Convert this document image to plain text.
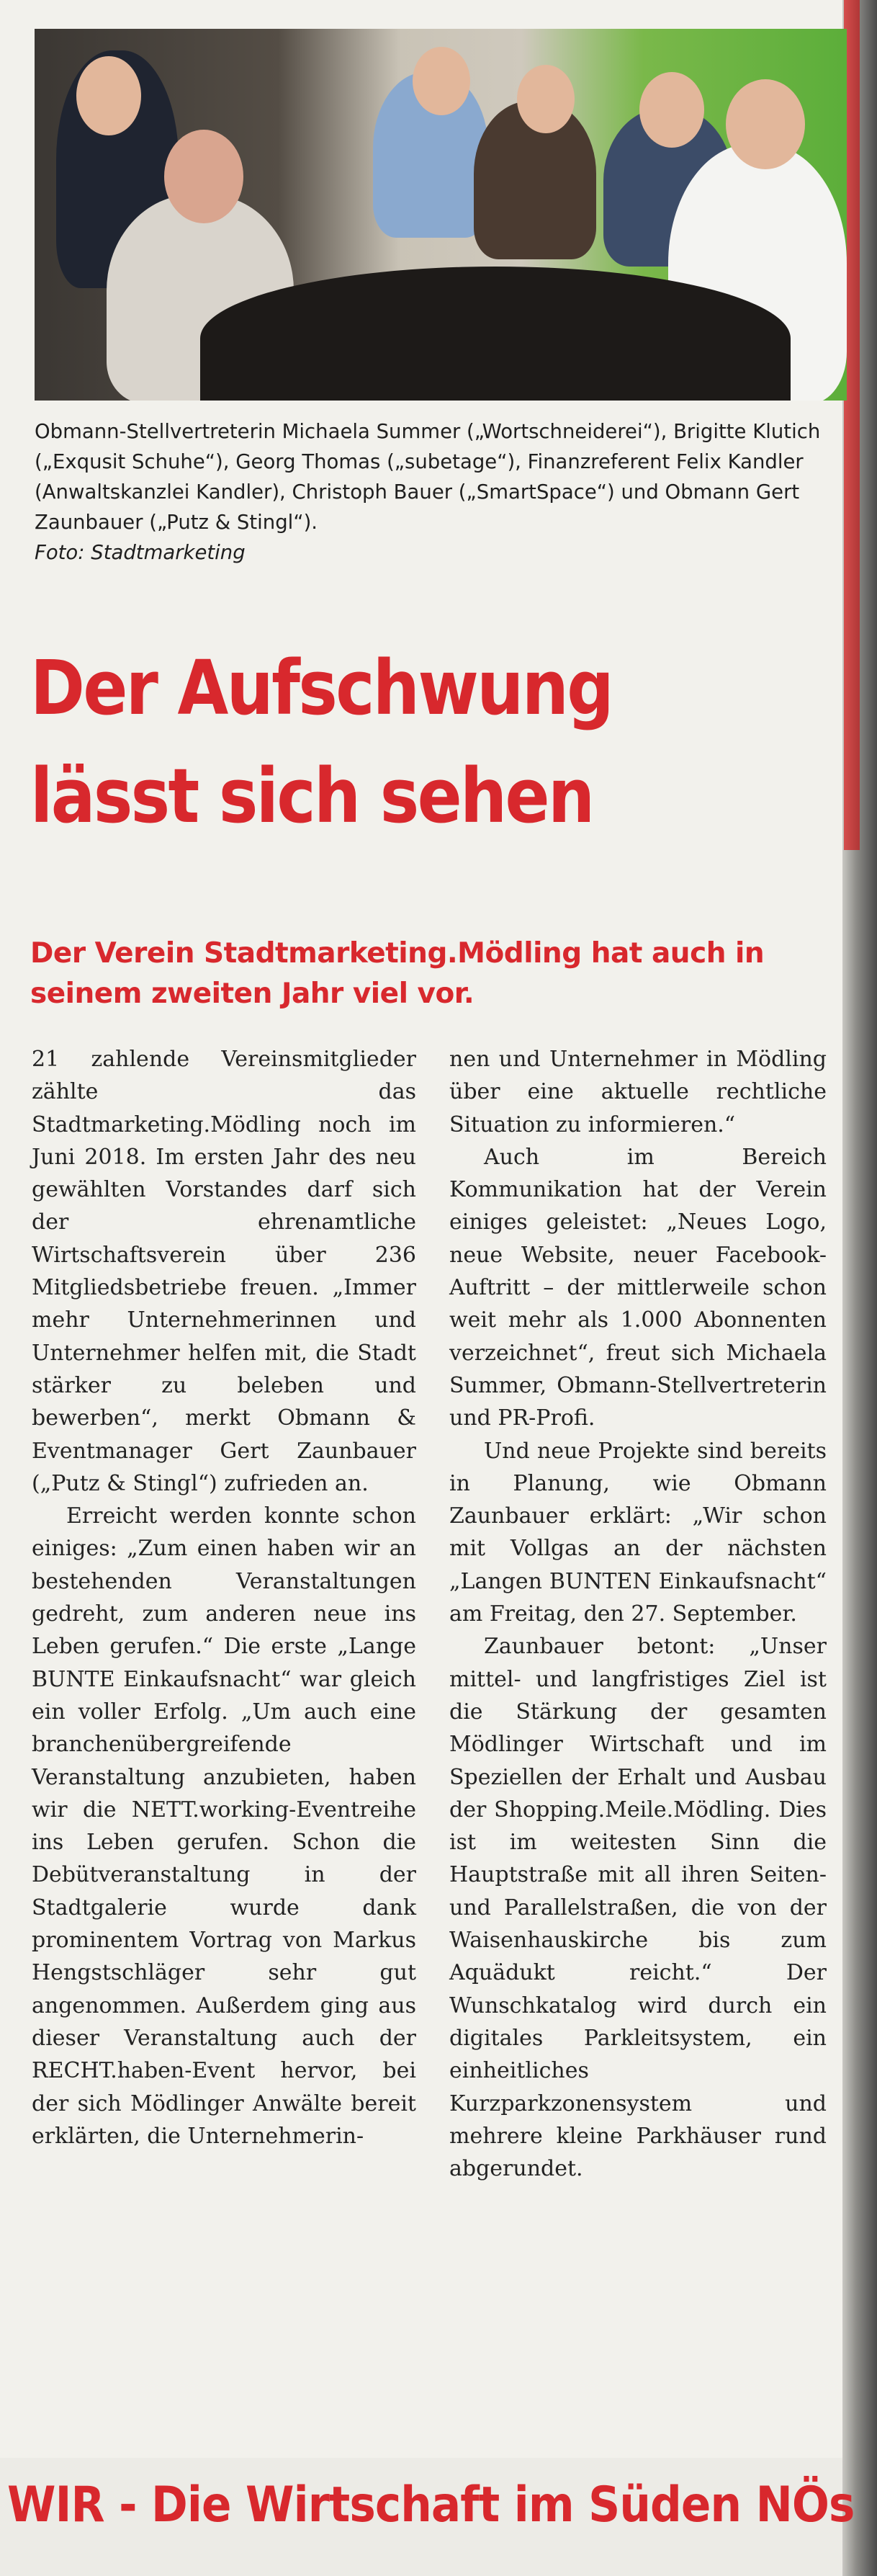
Obmann-Stellvertreterin Michaela Summer („Wortschneiderei“), Brigitte Klutich („Exqusit Schuhe“), Georg Thomas („subetage“), Finanzreferent Felix Kandler (Anwaltskanzlei Kandler), Christoph Bauer („SmartSpace“) und Obmann Gert Zaunbauer („Putz & Stingl“).
Foto: Stadtmarketing
Der Aufschwung lässt sich sehen
Der Verein Stadtmarketing.Mödling hat auch in seinem zweiten Jahr viel vor.

21 zahlende Vereinsmitglieder zählte das Stadtmarketing.Mödling noch im Juni 2018. Im ersten Jahr des neu gewählten Vorstandes darf sich der ehrenamtliche Wirtschaftsverein über 236 Mitgliedsbetriebe freuen. „Immer mehr Unternehmerinnen und Unternehmer helfen mit, die Stadt stärker zu beleben und bewerben“, merkt Obmann & Eventmanager Gert Zaunbauer („Putz & Stingl“) zufrieden an.

Erreicht werden konnte schon einiges: „Zum einen haben wir an bestehenden Veranstaltungen gedreht, zum anderen neue ins Leben gerufen.“ Die erste „Lange BUNTE Einkaufsnacht“ war gleich ein voller Erfolg. „Um auch eine branchenübergreifende Veranstaltung anzubieten, haben wir die NETT.working-Eventreihe ins Leben gerufen. Schon die Debütveranstaltung in der Stadtgalerie wurde dank prominentem Vortrag von Markus Hengstschläger sehr gut angenommen. Außerdem ging aus dieser Veranstaltung auch der RECHT.haben-Event hervor, bei der sich Mödlinger Anwälte bereit erklärten, die Unternehmerin-

nen und Unternehmer in Mödling über eine aktuelle rechtliche Situation zu informieren.“

Auch im Bereich Kommunikation hat der Verein einiges geleistet: „Neues Logo, neue Website, neuer Facebook-Auftritt – der mittlerweile schon weit mehr als 1.000 Abonnenten verzeichnet“, freut sich Michaela Summer, Obmann-Stellvertreterin und PR-Profi.

Und neue Projekte sind bereits in Planung, wie Obmann Zaunbauer erklärt: „Wir schon mit Vollgas an der nächsten „Langen BUNTEN Einkaufsnacht“ am Freitag, den 27. September.

Zaunbauer betont: „Unser mittel- und langfristiges Ziel ist die Stärkung der gesamten Mödlinger Wirtschaft und im Speziellen der Erhalt und Ausbau der Shopping.Meile.Mödling. Dies ist im weitesten Sinn die Hauptstraße mit all ihren Seiten- und Parallelstraßen, die von der Waisenhauskirche bis zum Aquädukt reicht.“ Der Wunschkatalog wird durch ein digitales Parkleitsystem, ein einheitliches Kurzparkzonensystem und mehrere kleine Parkhäuser rund abgerundet.

WIR - Die Wirtschaft im Süden NÖs
